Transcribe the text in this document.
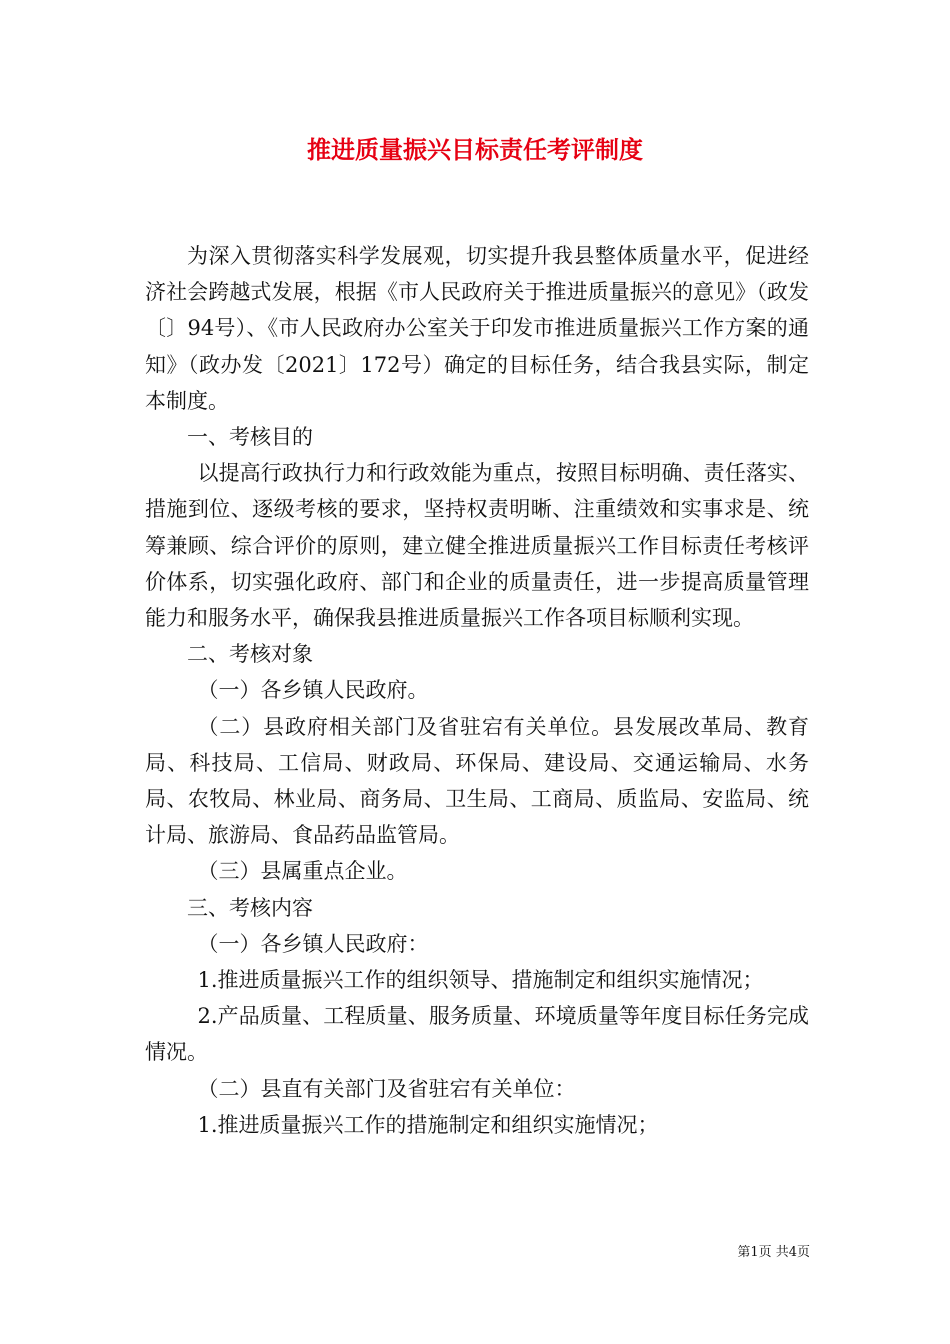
推进质量振兴目标责任考评制度

为深入贯彻落实科学发展观，切实提升我县整体质量水平，促进经济社会跨越式发展，根据《市人民政府关于推进质量振兴的意见》（政发〔〕94号）、《市人民政府办公室关于印发市推进质量振兴工作方案的通知》（政办发〔2021〕172号）确定的目标任务，结合我县实际，制定本制度。

一、考核目的

以提高行政执行力和行政效能为重点，按照目标明确、责任落实、措施到位、逐级考核的要求，坚持权责明晰、注重绩效和实事求是、统筹兼顾、综合评价的原则，建立健全推进质量振兴工作目标责任考核评价体系，切实强化政府、部门和企业的质量责任，进一步提高质量管理能力和服务水平，确保我县推进质量振兴工作各项目标顺利实现。

二、考核对象

（一）各乡镇人民政府。

（二）县政府相关部门及省驻宕有关单位。县发展改革局、教育局、科技局、工信局、财政局、环保局、建设局、交通运输局、水务局、农牧局、林业局、商务局、卫生局、工商局、质监局、安监局、统计局、旅游局、食品药品监管局。

（三）县属重点企业。

三、考核内容

（一）各乡镇人民政府：

1.推进质量振兴工作的组织领导、措施制定和组织实施情况；

2.产品质量、工程质量、服务质量、环境质量等年度目标任务完成情况。

（二）县直有关部门及省驻宕有关单位：

1.推进质量振兴工作的措施制定和组织实施情况；

第1页 共4页
